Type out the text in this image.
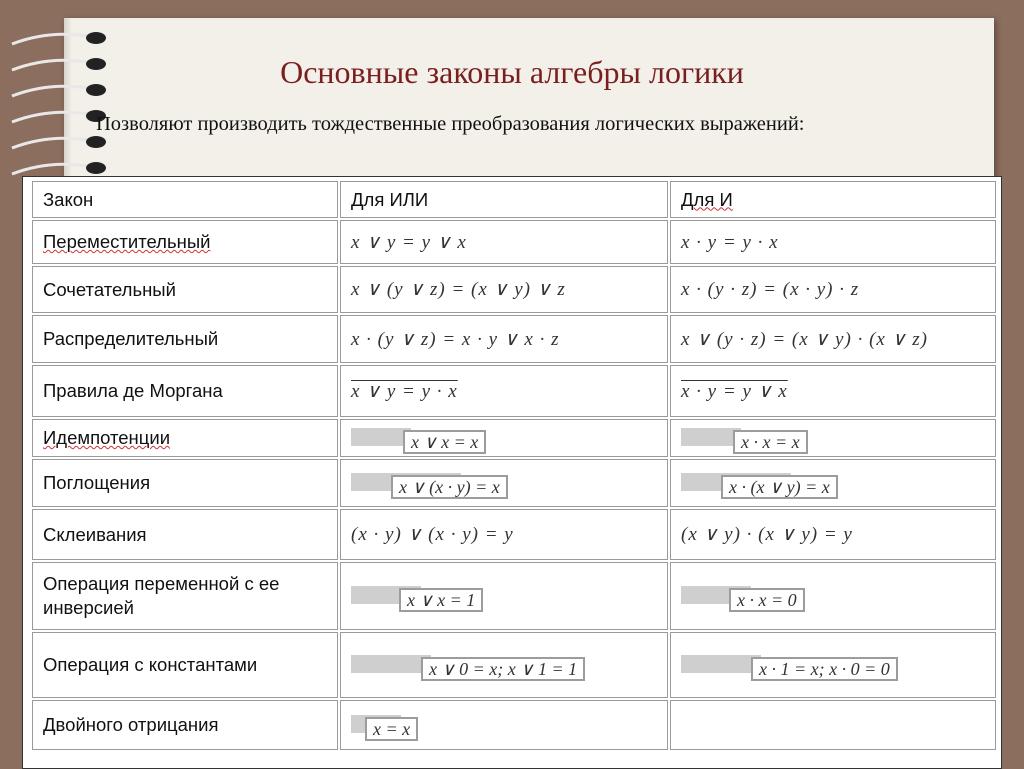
Основные законы алгебры логики
Позволяют производить тождественные преобразования логических выражений:
Закон	Для ИЛИ	Для И
Переместительный	x ∨ y = y ∨ x	x · y = y · x
Сочетательный	x ∨ (y ∨ z) = (x ∨ y) ∨ z	x · (y · z) = (x · y) · z
Распределительный	x · (y ∨ z) = x · y ∨ x · z	x ∨ (y · z) = (x ∨ y) · (x ∨ z)
Правила де Моргана	x ∨ y = y · x	x · y = y ∨ x
Идемпотенции	x ∨ x = x	x · x = x
Поглощения	x ∨ (x · y) = x	x · (x ∨ y) = x
Склеивания	(x · y) ∨ (x · y) = y	(x ∨ y) · (x ∨ y) = y
Операция переменной с ее инверсией	x ∨ x = 1	x · x = 0
Операция с константами	x ∨ 0 = x; x ∨ 1 = 1	x · 1 = x; x · 0 = 0
Двойного отрицания	x = x	
